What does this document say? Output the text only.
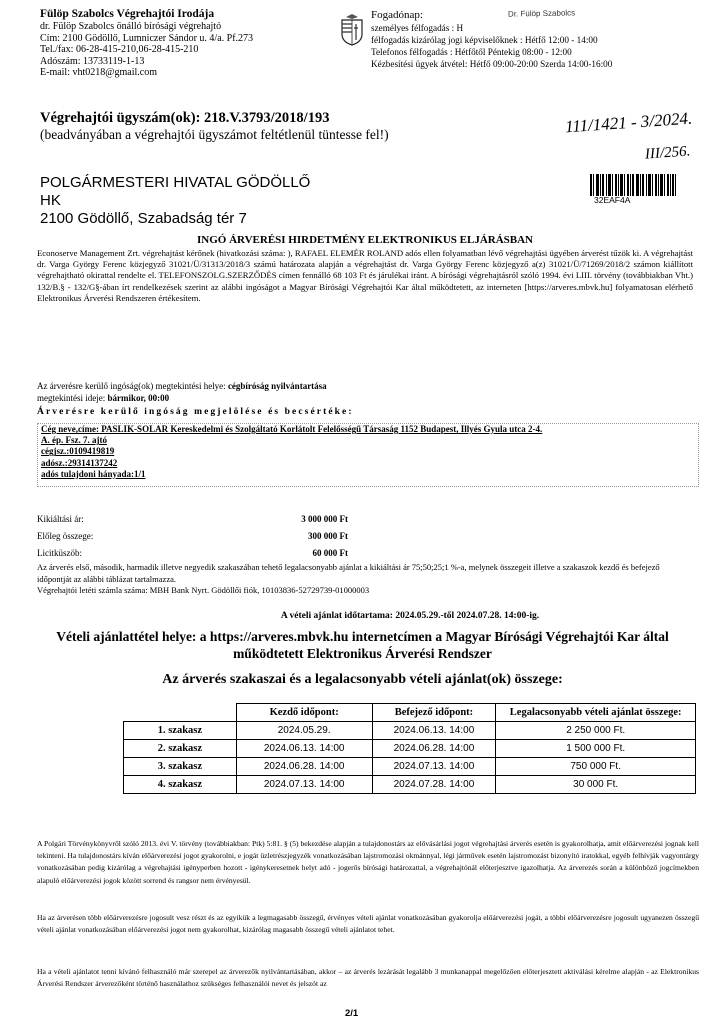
Fülöp Szabolcs Végrehajtói Irodája
dr. Fülöp Szabolcs önálló bírósági végrehajtó
Cím: 2100 Gödöllő, Lumniczer Sándor u. 4/a. Pf.273
Tel./fax: 06-28-415-210,06-28-415-210
Adószám: 13733119-1-13
E-mail: vht0218@gmail.com
Fogadónap:
személyes félfogadás : H
félfogadás kizárólag jogi képviselőknek : Hétfő 12:00 - 14:00
Telefonos félfogadás : Hétfőtől Péntekig 08:00 - 12:00
Kézbesítési ügyek átvétel: Hétfő 09:00-20:00 Szerda 14:00-16:00
Dr. Fülöp Szabolcs
Végrehajtói ügyszám(ok): 218.V.3793/2018/193
(beadványában a végrehajtói ügyszámot feltétlenül tüntesse fel!)	111/1421 - 3/2024.
III/256.
POLGÁRMESTERI HIVATAL GÖDÖLLŐ
HK
2100 Gödöllő, Szabadság tér 7
32EAF4A
INGÓ ÁRVERÉSI HIRDETMÉNY ELEKTRONIKUS ELJÁRÁSBAN
Econoserve Management Zrt. végrehajtást kérőnek (hivatkozási száma: ), RAFAEL ELEMÉR ROLAND adós ellen folyamatban lévő végrehajtási ügyében árverést tűzök ki. A végrehajtást dr. Varga György Ferenc közjegyző 31021/Ü/31313/2018/3 számú határozata alapján a végrehajtást dr. Varga György Ferenc közjegyző a(z) 31021/Ü/71269/2018/2 számon kiállított végrehajtható okirattal rendelte el. TELEFONSZOLG.SZERZŐDÉS címen fennálló 68 103 Ft és járulékai iránt. A bírósági végrehajtásról szóló 1994. évi LIII. törvény (továbbiakban Vht.) 132/B.§ - 132/G§-ában írt rendelkezések szerint az alábbi ingóságot a Magyar Bírósági Végrehajtói Kar által működtetett, az interneten [https://arveres.mbvk.hu] folyamatosan elérhető Elektronikus Árverési Rendszeren értékesítem.
Az árverésre kerülő ingóság(ok) megtekintési helye: cégbíróság nyilvántartása
megtekintési ideje: bármikor, 00:00
Árverésre kerülő ingóság megjelölése és becsértéke:
Cég neve,címe: PASLIK-SOLAR Kereskedelmi és Szolgáltató Korlátolt Felelősségű Társaság 1152 Budapest, Illyés Gyula utca 2-4.
A. ép. Fsz. 7. ajtó
cégjsz.:0109419819
adósz.:29314137242
adós tulajdoni hányada:1/1
Kikiáltási ár:	3 000 000 Ft
Előleg összege:	300 000 Ft
Licitküszöb:	60 000 Ft
Az árverés első, második, harmadik illetve negyedik szakaszában tehető legalacsonyabb ajánlat a kikiáltási ár 75;50;25;1 %-a, melynek összegeit illetve a szakaszok kezdő és befejező időpontját az alábbi táblázat tartalmazza.
Végrehajtói letéti számla száma: MBH Bank Nyrt. Gödöllői fiók, 10103836-52729739-01000003
A vételi ajánlat időtartama: 2024.05.29.-től 2024.07.28. 14:00-ig.
Vételi ajánlattétel helye: a https://arveres.mbvk.hu internetcímen a Magyar Bírósági Végrehajtói Kar által működtetett Elektronikus Árverési Rendszer
Az árverés szakaszai és a legalacsonyabb vételi ajánlat(ok) összege:
	Kezdő időpont:	Befejező időpont:	Legalacsonyabb vételi ajánlat összege:
1. szakasz	2024.05.29.	2024.06.13. 14:00	2 250 000 Ft.
2. szakasz	2024.06.13. 14:00	2024.06.28. 14:00	1 500 000 Ft.
3. szakasz	2024.06.28. 14:00	2024.07.13. 14:00	750 000 Ft.
4. szakasz	2024.07.13. 14:00	2024.07.28. 14:00	30 000 Ft.
A Polgári Törvénykönyvről szóló 2013. évi V. törvény (továbbiakban: Ptk) 5:81. § (5) bekezdése alapján a tulajdonostárs az elővásárlási jogot végrehajtási árverés esetén is gyakorolhatja, amit előárverezési jognak kell tekinteni. Ha tulajdonostárs kíván előárverezési jogot gyakorolni, e jogát üzletrészjegyzék vonatkozásában lajstromozási okmánnyal, légi járművek esetén lajstromozást bizonyító iratokkal, egyéb felhívják vagyontárgy vonatkozásában pedig kizárólag a végrehajtási igényperben hozott - igénykeresetnek helyt adó - jogerős bírósági határozattal, a végrehajtónál előterjesztve igazolhatja. Az árverezés során a különböző jogcímekben alapuló előárverezési jogok között sorrend és rangsor nem érvényesül.
Ha az árverésen több előárverezésre jogosult vesz részt és az egyikük a legmagasabb összegű, érvényes vételi ajánlat vonatkozásában gyakorolja előárverezési jogát, a többi előárverezésre jogosult ugyanezen összegű vételi ajánlat vonatkozásában előárverezési jogot nem gyakorolhat, kizárólag magasabb összegű vételi ajánlatot tehet.
Ha a vételi ajánlatot tenni kívánó felhasználó már szerepel az árverezők nyilvántartásában, akkor – az árverés lezárását legalább 3 munkanappal megelőzően előterjesztett aktiválási kérelme alapján - az Elektronikus Árverési Rendszer árverezőként történő használathoz szükséges felhasználói nevet és jelszót az
2/1
